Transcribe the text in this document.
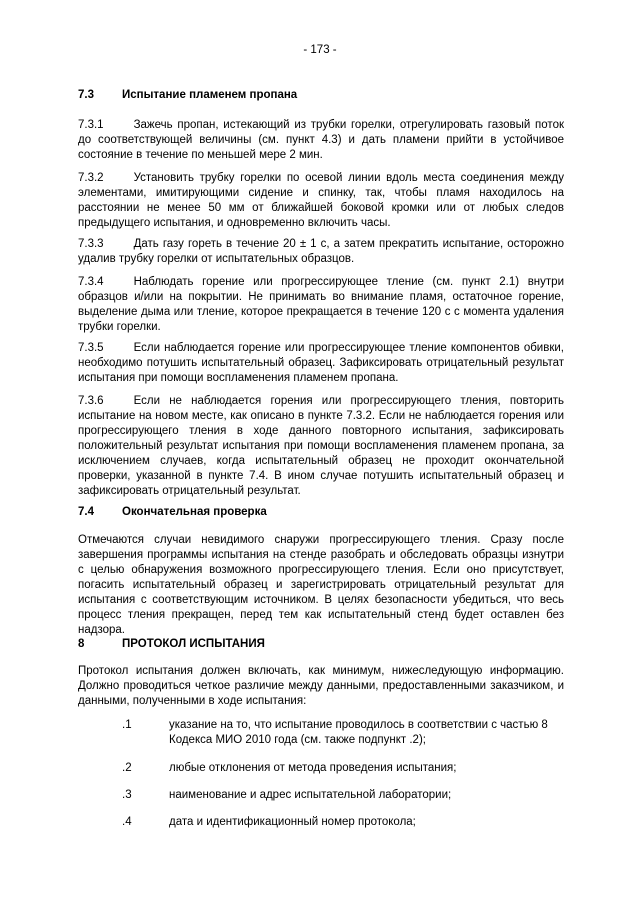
- 173 -
7.3 Испытание пламенем пропана
7.3.1	Зажечь пропан, истекающий из трубки горелки, отрегулировать газовый поток до соответствующей величины (см. пункт 4.3) и дать пламени прийти в устойчивое состояние в течение по меньшей мере 2 мин.
7.3.2	Установить трубку горелки по осевой линии вдоль места соединения между элементами, имитирующими сидение и спинку, так, чтобы пламя находилось на расстоянии не менее 50 мм от ближайшей боковой кромки или от любых следов предыдущего испытания, и одновременно включить часы.
7.3.3	Дать газу гореть в течение 20 ± 1 с, а затем прекратить испытание, осторожно удалив трубку горелки от испытательных образцов.
7.3.4	Наблюдать горение или прогрессирующее тление (см. пункт 2.1) внутри образцов и/или на покрытии. Не принимать во внимание пламя, остаточное горение, выделение дыма или тление, которое прекращается в течение 120 с с момента удаления трубки горелки.
7.3.5	Если наблюдается горение или прогрессирующее тление компонентов обивки, необходимо потушить испытательный образец. Зафиксировать отрицательный результат испытания при помощи воспламенения пламенем пропана.
7.3.6	Если не наблюдается горения или прогрессирующего тления, повторить испытание на новом месте, как описано в пункте 7.3.2. Если не наблюдается горения или прогрессирующего тления в ходе данного повторного испытания, зафиксировать положительный результат испытания при помощи воспламенения пламенем пропана, за исключением случаев, когда испытательный образец не проходит окончательной проверки, указанной в пункте 7.4. В ином случае потушить испытательный образец и зафиксировать отрицательный результат.
7.4 Окончательная проверка
Отмечаются случаи невидимого снаружи прогрессирующего тления. Сразу после завершения программы испытания на стенде разобрать и обследовать образцы изнутри с целью обнаружения возможного прогрессирующего тления. Если оно присутствует, погасить испытательный образец и зарегистрировать отрицательный результат для испытания с соответствующим источником. В целях безопасности убедиться, что весь процесс тления прекращен, перед тем как испытательный стенд будет оставлен без надзора.
8	ПРОТОКОЛ ИСПЫТАНИЯ
Протокол испытания должен включать, как минимум, нижеследующую информацию. Должно проводиться четкое различие между данными, предоставленными заказчиком, и данными, полученными в ходе испытания:
.1	указание на то, что испытание проводилось в соответствии с частью 8 Кодекса МИО 2010 года (см. также подпункт .2);
.2	любые отклонения от метода проведения испытания;
.3	наименование и адрес испытательной лаборатории;
.4	дата и идентификационный номер протокола;
